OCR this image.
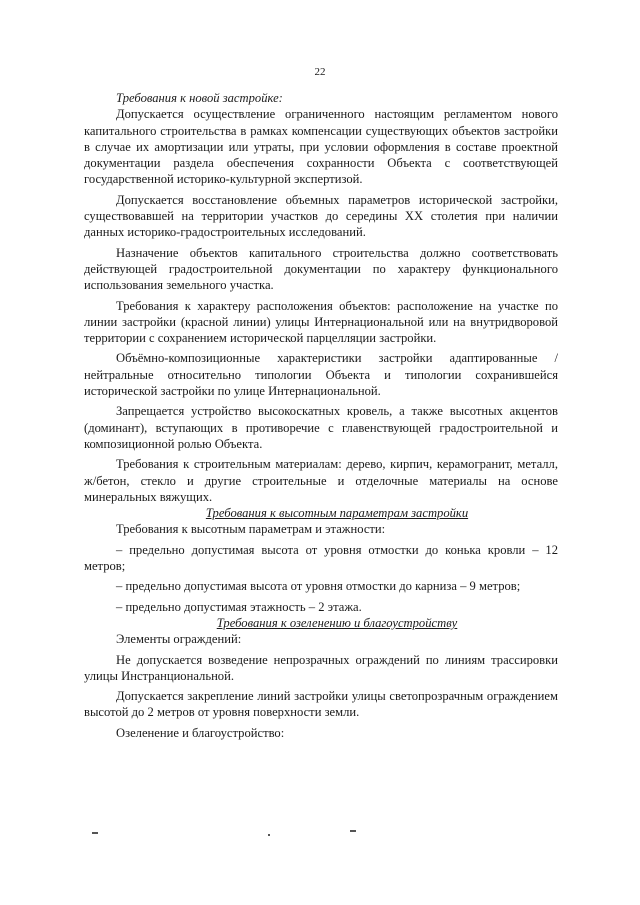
22

Требования к новой застройке:

Допускается осуществление ограниченного настоящим регламентом нового капитального строительства в рамках компенсации существующих объектов застройки в случае их амортизации или утраты, при условии оформления в составе проектной документации раздела обеспечения сохранности Объекта с соответствующей государственной историко-культурной экспертизой.

Допускается восстановление объемных параметров исторической застройки, существовавшей на территории участков до середины XX столетия при наличии данных историко-градостроительных исследований.

Назначение объектов капитального строительства должно соответствовать действующей градостроительной документации по характеру функционального использования земельного участка.

Требования к характеру расположения объектов: расположение на участке по линии застройки (красной линии) улицы Интернациональной или на внутридворовой территории с сохранением исторической парцелляции застройки.

Объёмно-композиционные характеристики застройки адаптированные /нейтральные относительно типологии Объекта и типологии сохранившейся исторической застройки по улице Интернациональной.

Запрещается устройство высокоскатных кровель, а также высотных акцентов (доминант), вступающих в противоречие с главенствующей градостроительной и композиционной ролью Объекта.

Требования к строительным материалам: дерево, кирпич, керамогранит, металл, ж/бетон, стекло и другие строительные и отделочные материалы на основе минеральных вяжущих.

Требования к высотным параметрам застройки

Требования к высотным параметрам и этажности:

– предельно допустимая высота от уровня отмостки до конька кровли – 12 метров;

– предельно допустимая высота от уровня отмостки до карниза – 9 метров;

– предельно допустимая этажность – 2 этажа.

Требования к озеленению и благоустройству

Элементы ограждений:

Не допускается возведение непрозрачных ограждений по линиям трассировки улицы Инстранциональной.

Допускается закрепление линий застройки улицы светопрозрачным ограждением высотой до 2 метров от уровня поверхности земли.

Озеленение и благоустройство:
